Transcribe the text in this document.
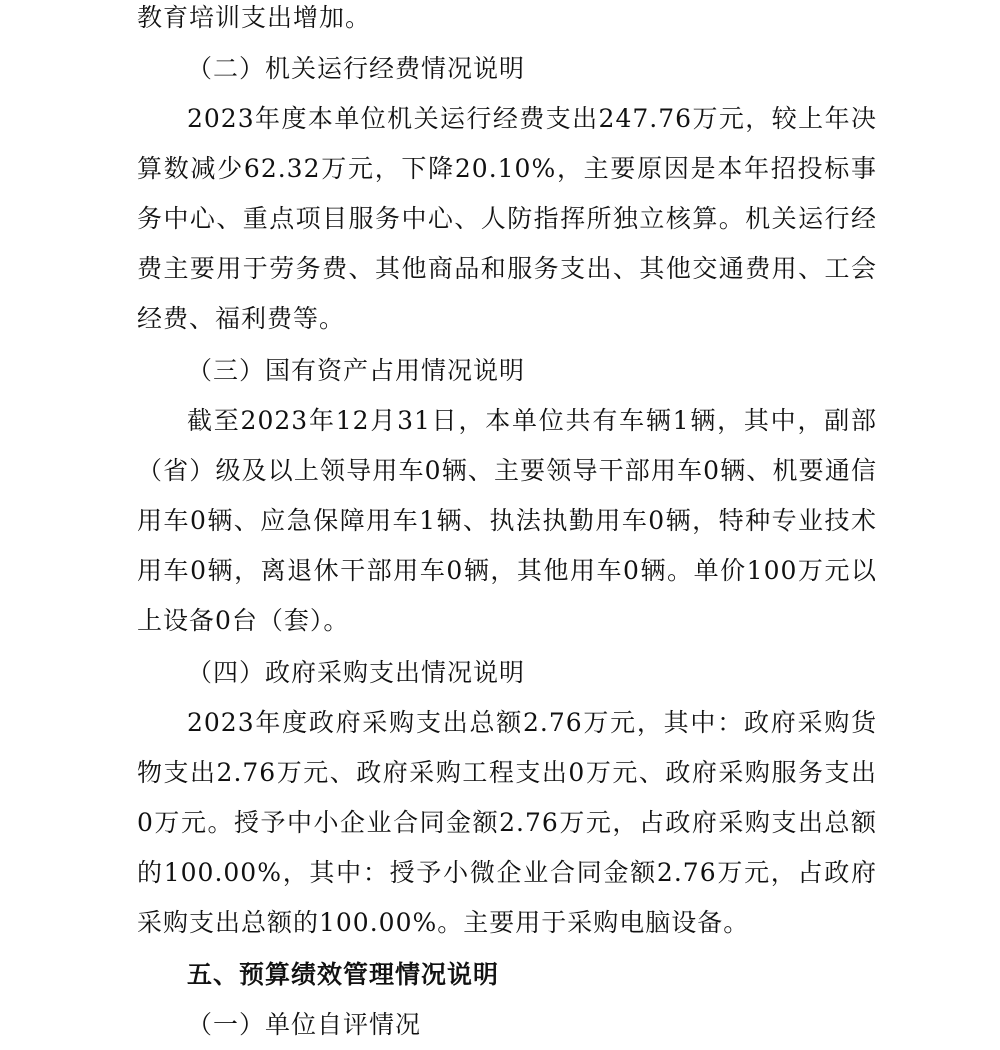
教育培训支出增加。
（二）机关运行经费情况说明
2023年度本单位机关运行经费支出247.76万元，较上年决算数减少62.32万元，下降20.10%，主要原因是本年招投标事务中心、重点项目服务中心、人防指挥所独立核算。机关运行经费主要用于劳务费、其他商品和服务支出、其他交通费用、工会经费、福利费等。
（三）国有资产占用情况说明
截至2023年12月31日，本单位共有车辆1辆，其中，副部（省）级及以上领导用车0辆、主要领导干部用车0辆、机要通信用车0辆、应急保障用车1辆、执法执勤用车0辆，特种专业技术用车0辆，离退休干部用车0辆，其他用车0辆。单价100万元以上设备0台（套）。
（四）政府采购支出情况说明
2023年度政府采购支出总额2.76万元，其中：政府采购货物支出2.76万元、政府采购工程支出0万元、政府采购服务支出0万元。授予中小企业合同金额2.76万元，占政府采购支出总额的100.00%，其中：授予小微企业合同金额2.76万元，占政府采购支出总额的100.00%。主要用于采购电脑设备。
五、预算绩效管理情况说明
（一）单位自评情况
